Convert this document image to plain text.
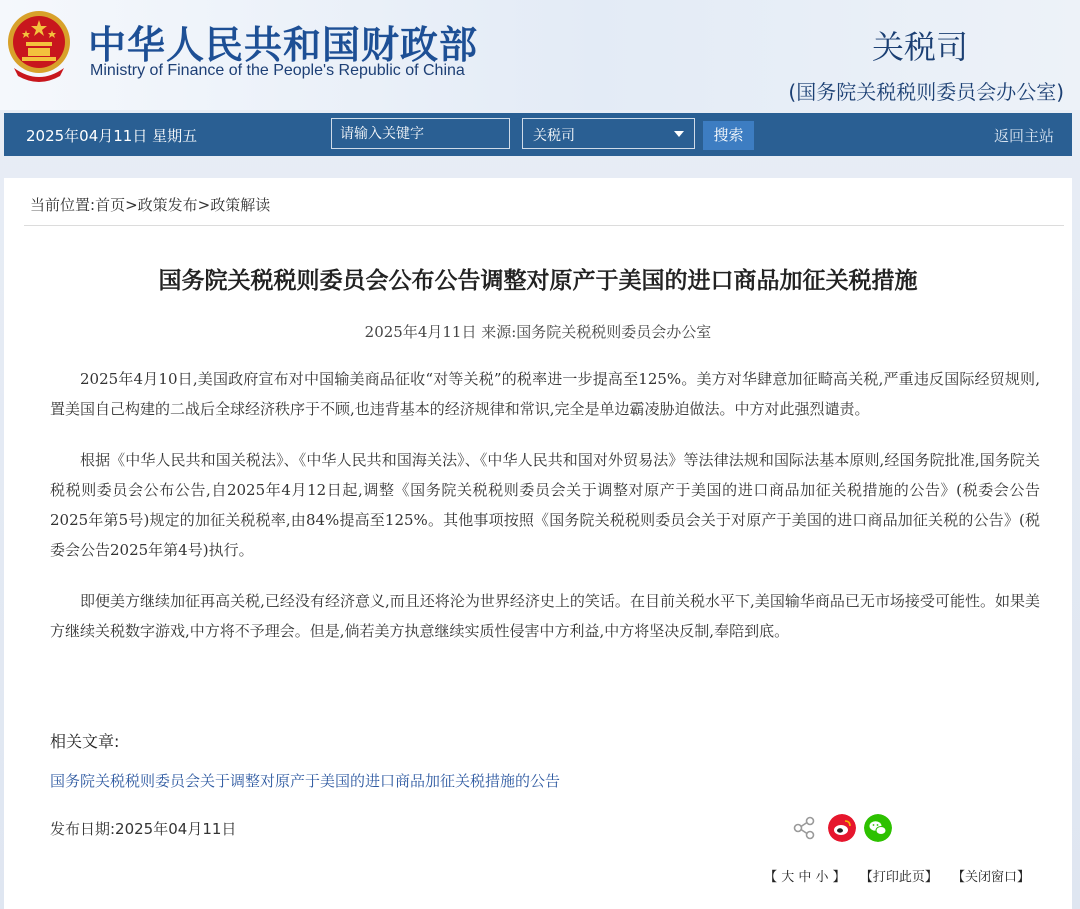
中华人民共和国财政部
Ministry of Finance of the People's Republic of China
关税司
(国务院关税税则委员会办公室)
2025年04月11日 星期五
请输入关键字	关税司	搜索	返回主站
当前位置:首页>政策发布>政策解读
国务院关税税则委员会公布公告调整对原产于美国的进口商品加征关税措施
2025年4月11日 来源:国务院关税税则委员会办公室

2025年4月10日,美国政府宣布对中国输美商品征收“对等关税”的税率进一步提高至125%。美方对华肆意加征畸高关税,严重违反国际经贸规则,置美国自己构建的二战后全球经济秩序于不顾,也违背基本的经济规律和常识,完全是单边霸凌胁迫做法。中方对此强烈谴责。

根据《中华人民共和国关税法》、《中华人民共和国海关法》、《中华人民共和国对外贸易法》等法律法规和国际法基本原则,经国务院批准,国务院关税税则委员会公布公告,自2025年4月12日起,调整《国务院关税税则委员会关于调整对原产于美国的进口商品加征关税措施的公告》(税委会公告2025年第5号)规定的加征关税税率,由84%提高至125%。其他事项按照《国务院关税税则委员会关于对原产于美国的进口商品加征关税的公告》(税委会公告2025年第4号)执行。

即便美方继续加征再高关税,已经没有经济意义,而且还将沦为世界经济史上的笑话。在目前关税水平下,美国输华商品已无市场接受可能性。如果美方继续关税数字游戏,中方将不予理会。但是,倘若美方执意继续实质性侵害中方利益,中方将坚决反制,奉陪到底。

相关文章:
国务院关税税则委员会关于调整对原产于美国的进口商品加征关税措施的公告
发布日期:2025年04月11日
【 大 中 小 】 【打印此页】 【关闭窗口】
